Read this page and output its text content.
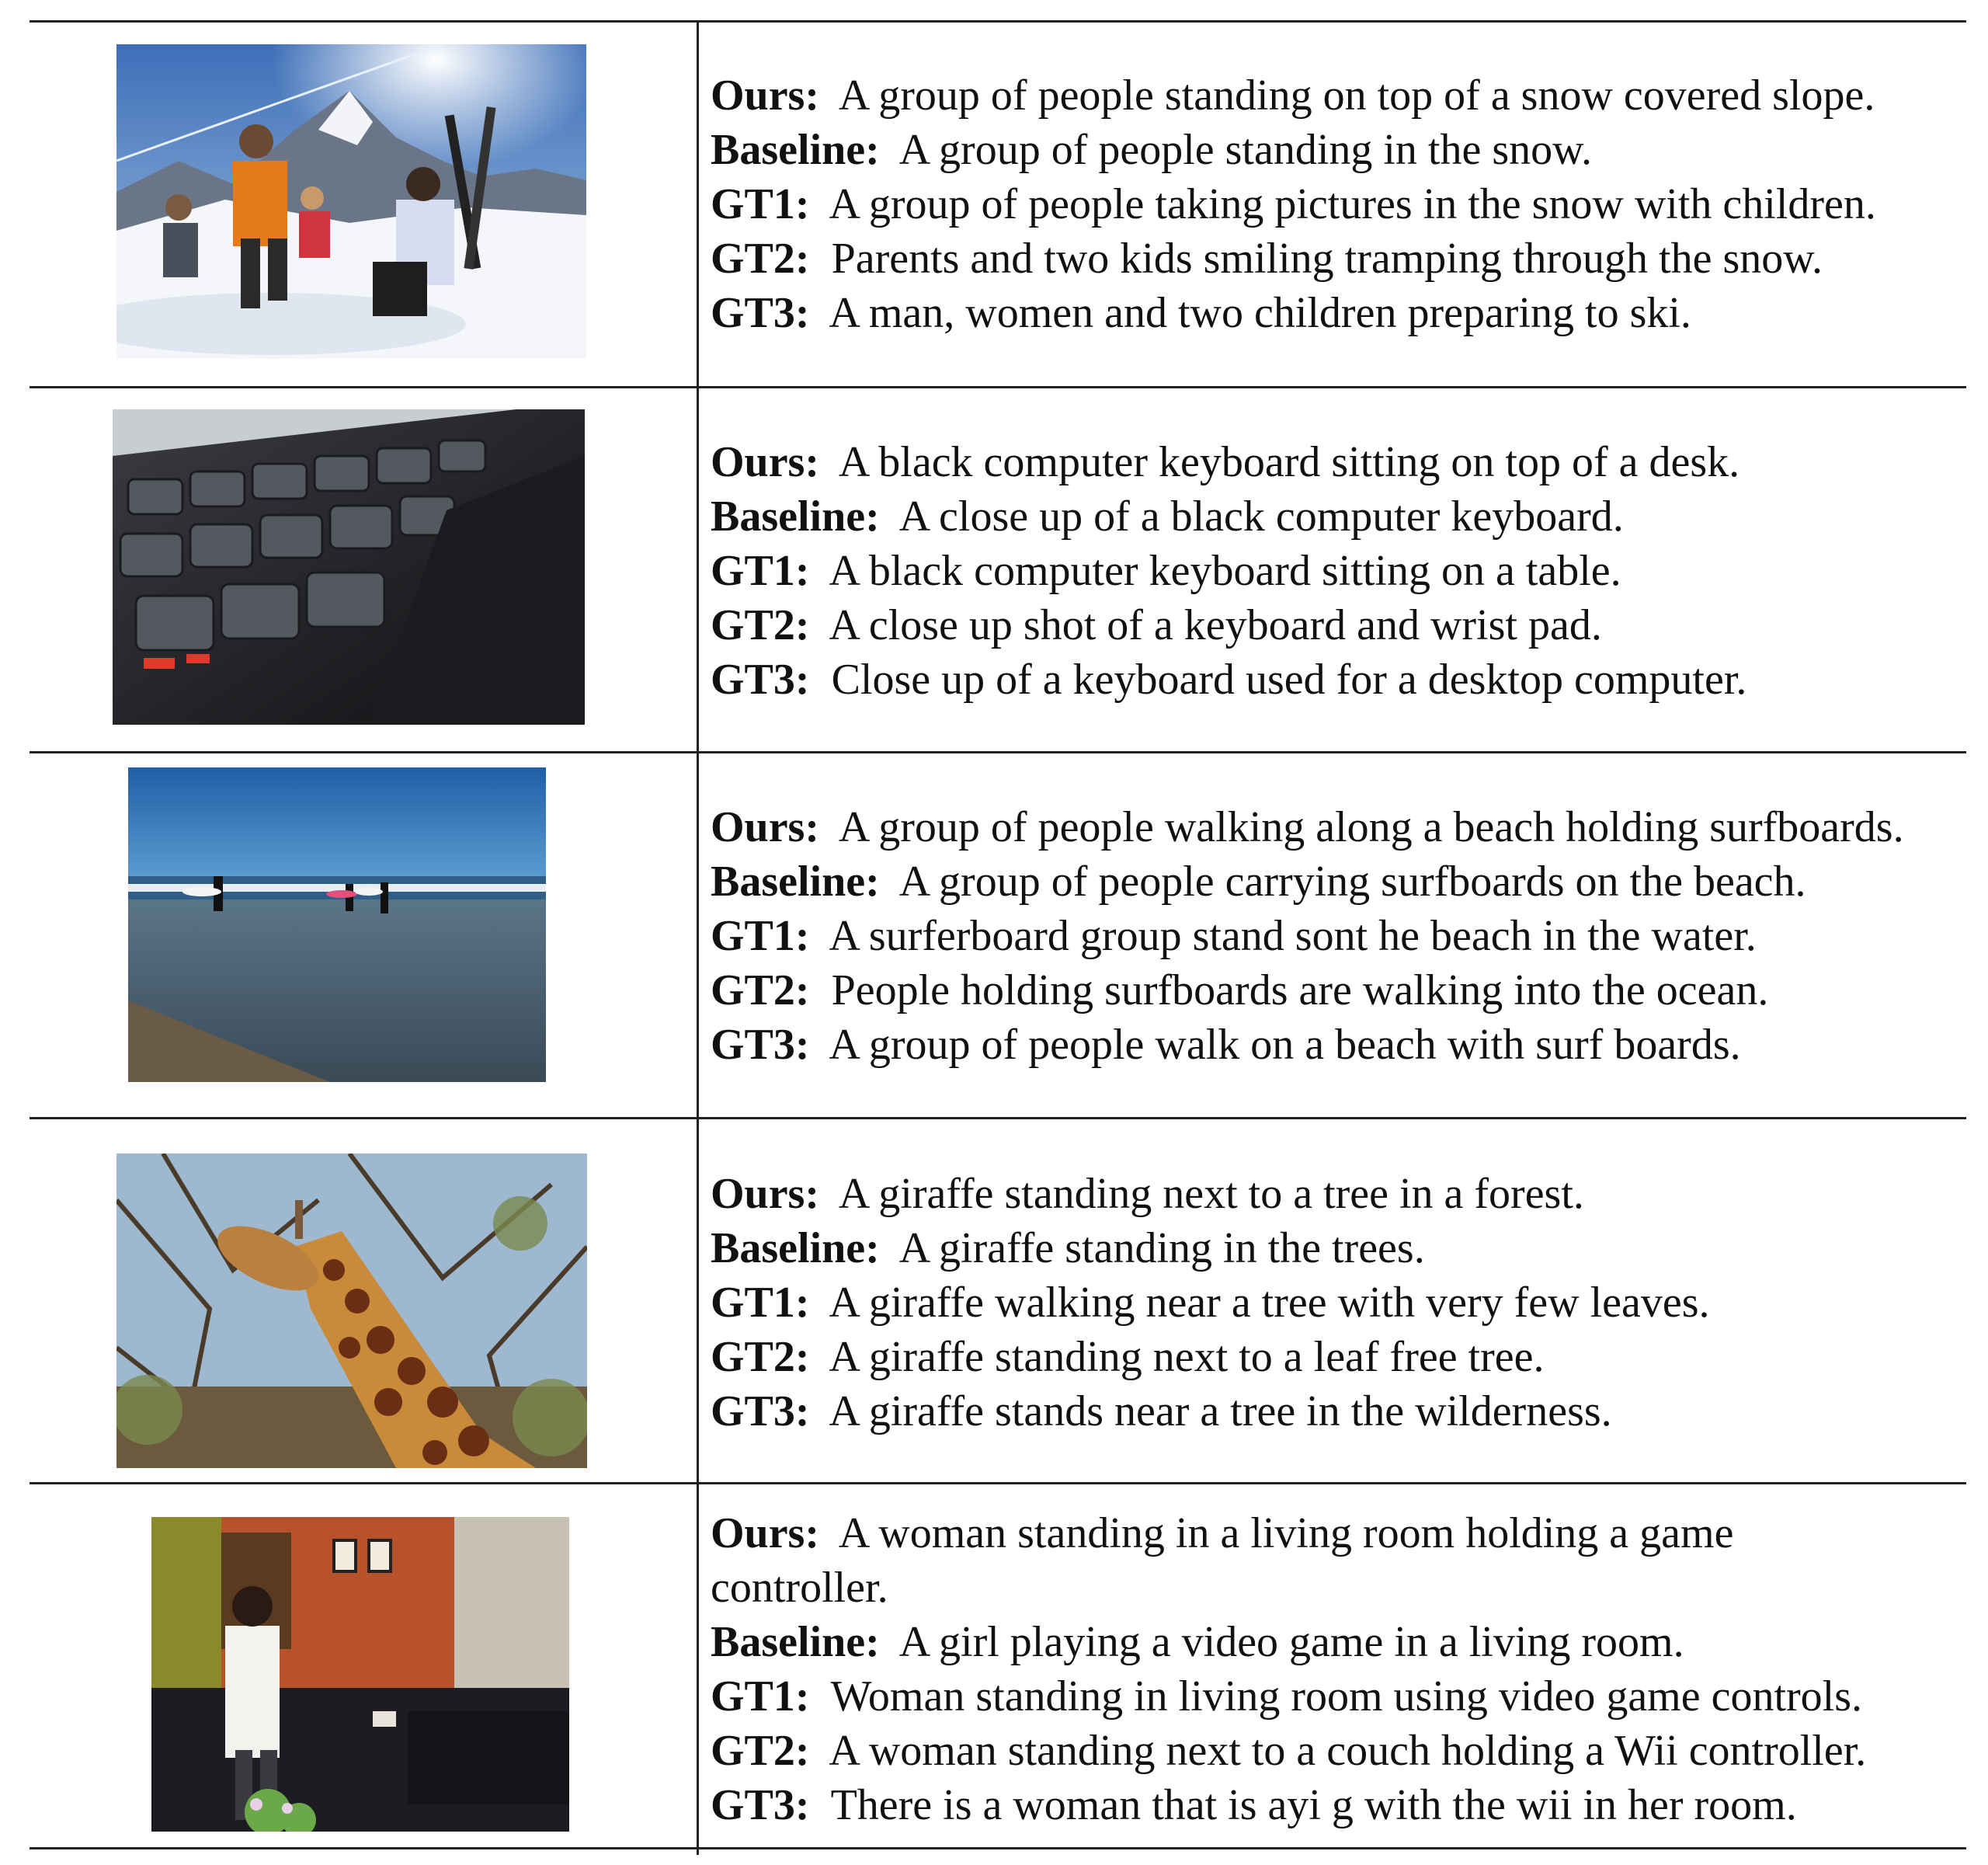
Ours: A group of people standing on top of a snow covered slope.
Baseline: A group of people standing in the snow.
GT1: A group of people taking pictures in the snow with children.
GT2: Parents and two kids smiling tramping through the snow.
GT3: A man, women and two children preparing to ski.
Ours: A black computer keyboard sitting on top of a desk.
Baseline: A close up of a black computer keyboard.
GT1: A black computer keyboard sitting on a table.
GT2: A close up shot of a keyboard and wrist pad.
GT3: Close up of a keyboard used for a desktop computer.
Ours: A group of people walking along a beach holding surfboards.
Baseline: A group of people carrying surfboards on the beach.
GT1: A surferboard group stand sont he beach in the water.
GT2: People holding surfboards are walking into the ocean.
GT3: A group of people walk on a beach with surf boards.
Ours: A giraffe standing next to a tree in a forest.
Baseline: A giraffe standing in the trees.
GT1: A giraffe walking near a tree with very few leaves.
GT2: A giraffe standing next to a leaf free tree.
GT3: A giraffe stands near a tree in the wilderness.
Ours: A woman standing in a living room holding a game controller.
Baseline: A girl playing a video game in a living room.
GT1: Woman standing in living room using video game controls.
GT2: A woman standing next to a couch holding a Wii controller.
GT3: There is a woman that is ayi g with the wii in her room.
